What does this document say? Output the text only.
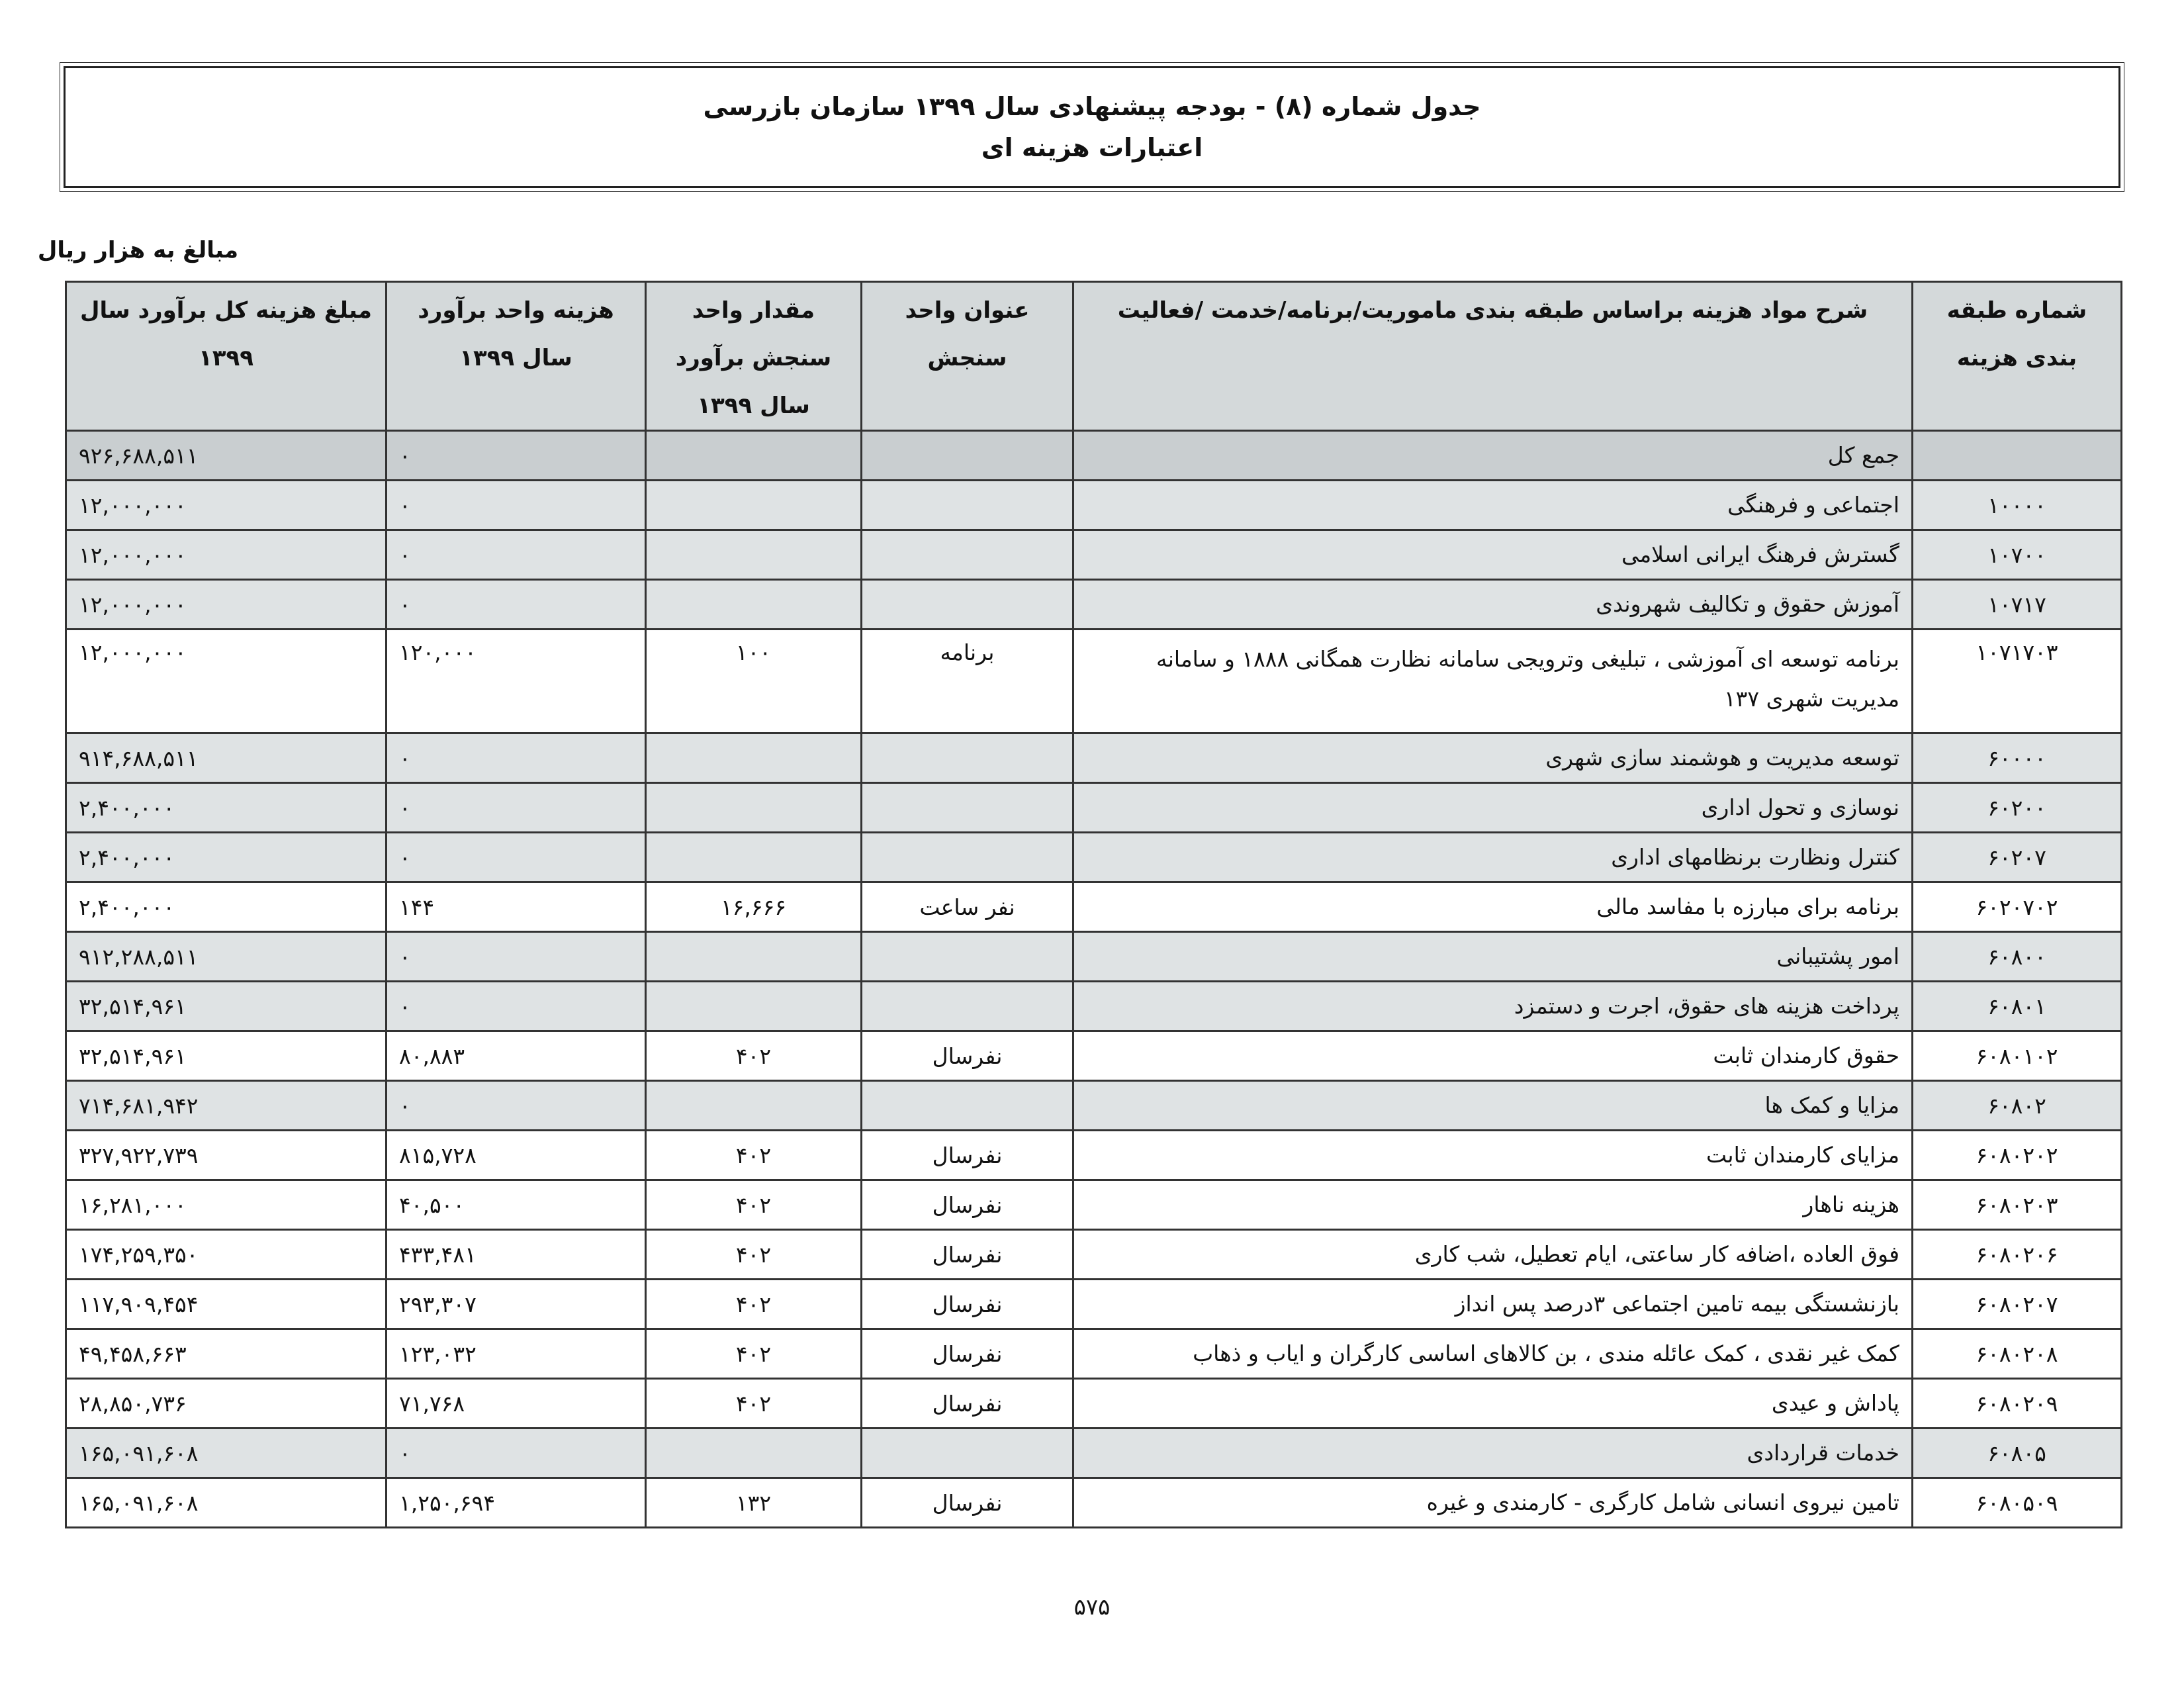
جدول شماره (۸) - بودجه پیشنهادی سال ۱۳۹۹ سازمان بازرسی
اعتبارات هزینه ای
مبالغ به هزار ریال
شماره طبقه بندی هزینه	شرح مواد هزینه براساس طبقه بندی ماموریت/برنامه/خدمت /فعالیت	عنوان واحد سنجش	مقدار واحد سنجش برآورد سال ۱۳۹۹	هزینه واحد برآورد سال ۱۳۹۹	مبلغ هزینه کل برآورد سال ۱۳۹۹
	جمع کل			۰	۹۲۶,۶۸۸,۵۱۱
۱۰۰۰۰	اجتماعی و فرهنگی			۰	۱۲,۰۰۰,۰۰۰
۱۰۷۰۰	گسترش فرهنگ ایرانی اسلامی			۰	۱۲,۰۰۰,۰۰۰
۱۰۷۱۷	آموزش حقوق و تکالیف شهروندی			۰	۱۲,۰۰۰,۰۰۰
۱۰۷۱۷۰۳	برنامه توسعه ای آموزشی ، تبلیغی وترویجی سامانه نظارت همگانی ۱۸۸۸ و سامانه مدیریت شهری ۱۳۷	برنامه	۱۰۰	۱۲۰,۰۰۰	۱۲,۰۰۰,۰۰۰
۶۰۰۰۰	توسعه مدیریت و هوشمند سازی شهری			۰	۹۱۴,۶۸۸,۵۱۱
۶۰۲۰۰	نوسازی و تحول اداری			۰	۲,۴۰۰,۰۰۰
۶۰۲۰۷	کنترل ونظارت برنظامهای اداری			۰	۲,۴۰۰,۰۰۰
۶۰۲۰۷۰۲	برنامه برای مبارزه با مفاسد مالی	نفر ساعت	۱۶,۶۶۶	۱۴۴	۲,۴۰۰,۰۰۰
۶۰۸۰۰	امور پشتیبانی			۰	۹۱۲,۲۸۸,۵۱۱
۶۰۸۰۱	پرداخت هزینه های حقوق، اجرت و دستمزد			۰	۳۲,۵۱۴,۹۶۱
۶۰۸۰۱۰۲	حقوق کارمندان ثابت	نفرسال	۴۰۲	۸۰,۸۸۳	۳۲,۵۱۴,۹۶۱
۶۰۸۰۲	مزایا و کمک ها			۰	۷۱۴,۶۸۱,۹۴۲
۶۰۸۰۲۰۲	مزایای کارمندان ثابت	نفرسال	۴۰۲	۸۱۵,۷۲۸	۳۲۷,۹۲۲,۷۳۹
۶۰۸۰۲۰۳	هزینه ناهار	نفرسال	۴۰۲	۴۰,۵۰۰	۱۶,۲۸۱,۰۰۰
۶۰۸۰۲۰۶	فوق العاده ،اضافه کار ساعتی، ایام تعطیل، شب کاری	نفرسال	۴۰۲	۴۳۳,۴۸۱	۱۷۴,۲۵۹,۳۵۰
۶۰۸۰۲۰۷	بازنشستگی بیمه تامین اجتماعی ۳درصد پس انداز	نفرسال	۴۰۲	۲۹۳,۳۰۷	۱۱۷,۹۰۹,۴۵۴
۶۰۸۰۲۰۸	کمک غیر نقدی ، کمک عائله مندی ، بن کالاهای اساسی کارگران و ایاب و ذهاب	نفرسال	۴۰۲	۱۲۳,۰۳۲	۴۹,۴۵۸,۶۶۳
۶۰۸۰۲۰۹	پاداش و عیدی	نفرسال	۴۰۲	۷۱,۷۶۸	۲۸,۸۵۰,۷۳۶
۶۰۸۰۵	خدمات قراردادی			۰	۱۶۵,۰۹۱,۶۰۸
۶۰۸۰۵۰۹	تامین نیروی انسانی شامل کارگری - کارمندی و غیره	نفرسال	۱۳۲	۱,۲۵۰,۶۹۴	۱۶۵,۰۹۱,۶۰۸
۵۷۵
